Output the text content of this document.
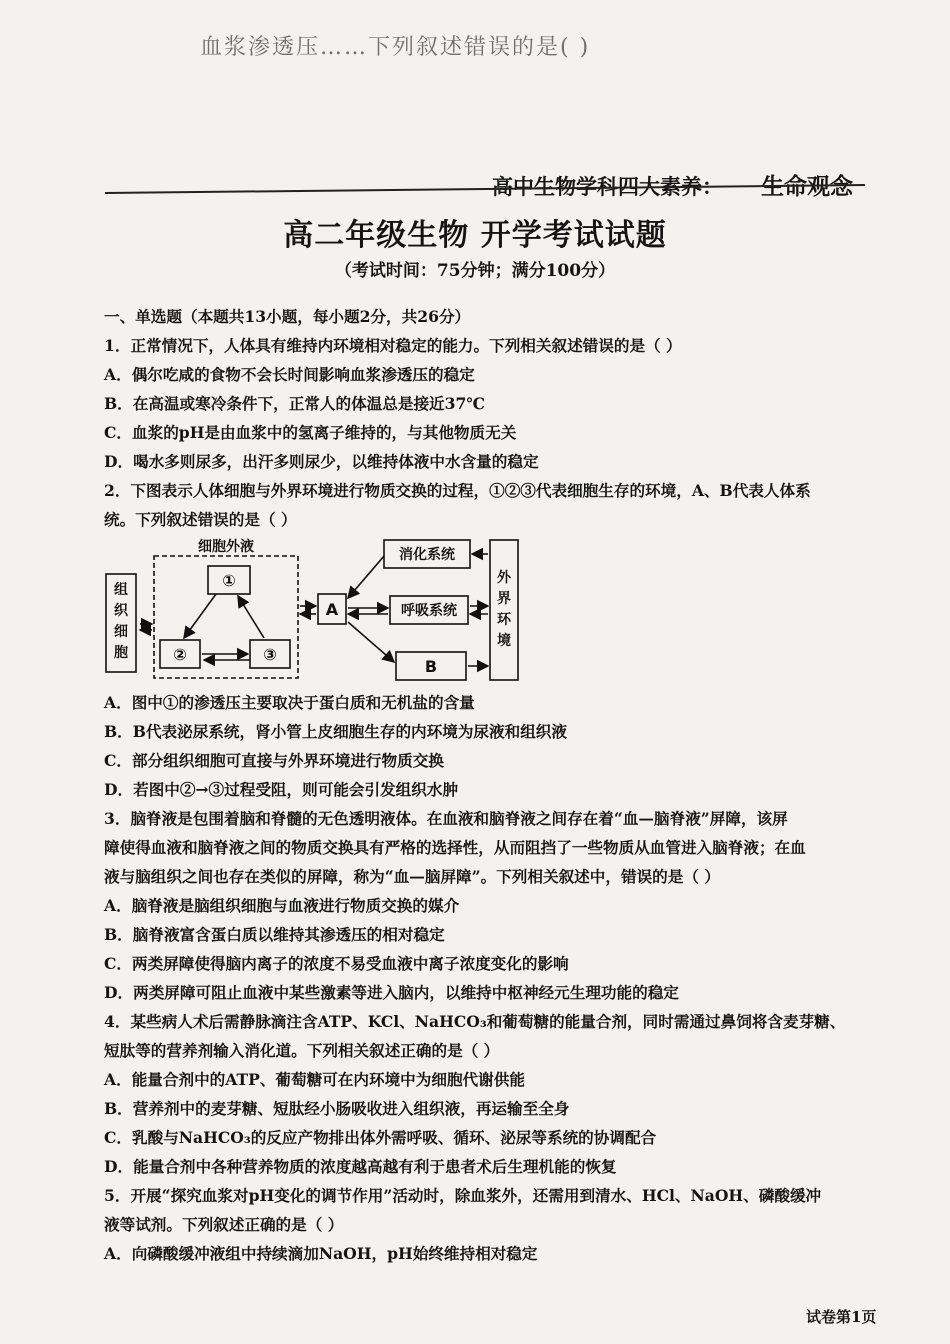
血浆渗透压……下列叙述错误的是( )
高中生物学科四大素养： 生命观念
高二年级生物 开学考试试题
（考试时间：75分钟；满分100分）
一、单选题（本题共13小题，每小题2分，共26分）
1．正常情况下，人体具有维持内环境相对稳定的能力。下列相关叙述错误的是（ ）
A．偶尔吃咸的食物不会长时间影响血浆渗透压的稳定
B．在高温或寒冷条件下，正常人的体温总是接近37℃
C．血浆的pH是由血浆中的氢离子维持的，与其他物质无关
D．喝水多则尿多，出汗多则尿少，以维持体液中水含量的稳定
2．下图表示人体细胞与外界环境进行物质交换的过程，①②③代表细胞生存的环境，A、B代表人体系
统。下列叙述错误的是（ ）
细胞外液
①
②	③
A
消化系统
呼吸系统
B
组织细胞
外界环境
A．图中①的渗透压主要取决于蛋白质和无机盐的含量
B．B代表泌尿系统，肾小管上皮细胞生存的内环境为尿液和组织液
C．部分组织细胞可直接与外界环境进行物质交换
D．若图中②→③过程受阻，则可能会引发组织水肿
3．脑脊液是包围着脑和脊髓的无色透明液体。在血液和脑脊液之间存在着“血—脑脊液”屏障，该屏
障使得血液和脑脊液之间的物质交换具有严格的选择性，从而阻挡了一些物质从血管进入脑脊液；在血
液与脑组织之间也存在类似的屏障，称为“血—脑屏障”。下列相关叙述中，错误的是（ ）
A．脑脊液是脑组织细胞与血液进行物质交换的媒介
B．脑脊液富含蛋白质以维持其渗透压的相对稳定
C．两类屏障使得脑内离子的浓度不易受血液中离子浓度变化的影响
D．两类屏障可阻止血液中某些激素等进入脑内，以维持中枢神经元生理功能的稳定
4．某些病人术后需静脉滴注含ATP、KCl、NaHCO₃和葡萄糖的能量合剂，同时需通过鼻饲将含麦芽糖、
短肽等的营养剂输入消化道。下列相关叙述正确的是（ ）
A．能量合剂中的ATP、葡萄糖可在内环境中为细胞代谢供能
B．营养剂中的麦芽糖、短肽经小肠吸收进入组织液，再运输至全身
C．乳酸与NaHCO₃的反应产物排出体外需呼吸、循环、泌尿等系统的协调配合
D．能量合剂中各种营养物质的浓度越高越有利于患者术后生理机能的恢复
5．开展“探究血浆对pH变化的调节作用”活动时，除血浆外，还需用到清水、HCl、NaOH、磷酸缓冲
液等试剂。下列叙述正确的是（ ）
A．向磷酸缓冲液组中持续滴加NaOH，pH始终维持相对稳定
试卷第1页
